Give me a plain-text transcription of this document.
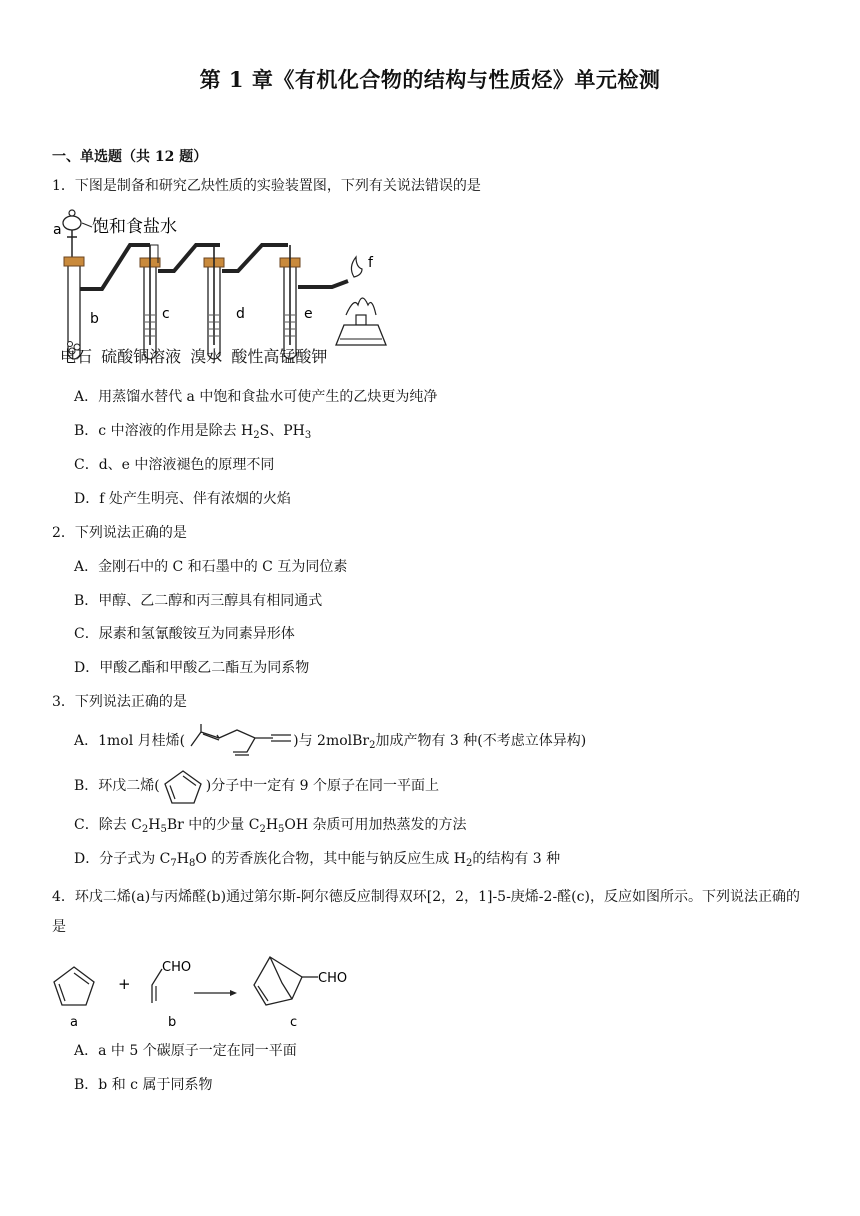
第 1 章《有机化合物的结构与性质烃》单元检测
一、单选题（共 12 题）
1．下图是制备和研究乙炔性质的实验装置图，下列有关说法错误的是
a 饱和食盐水
b	c	d	e
f
电石 硫酸铜溶液 溴水 酸性高锰酸钾
A．用蒸馏水替代 a 中饱和食盐水可使产生的乙炔更为纯净
B．c 中溶液的作用是除去 $H_2S$、$PH_3$
C．d、e 中溶液褪色的原理不同
D．f 处产生明亮、伴有浓烟的火焰
2．下列说法正确的是
A．金刚石中的 C 和石墨中的 C 互为同位素
B．甲醇、乙二醇和丙三醇具有相同通式
C．尿素和氢氰酸铵互为同素异形体
D．甲酸乙酯和甲酸乙二酯互为同系物
3．下列说法正确的是
A．1mol 月桂烯(	)与 2molBr$_2$加成产物有 3 种(不考虑立体异构)
B．环戊二烯(	)分子中一定有 9 个原子在同一平面上
C．除去 $C_2H_5Br$ 中的少量 $C_2H_5OH$ 杂质可用加热蒸发的方法
D．分子式为 $C_7H_8O$ 的芳香族化合物，其中能与钠反应生成 $H_2$的结构有 3 种
4．环戊二烯(a)与丙烯醛(b)通过第尔斯-阿尔德反应制得双环[2，2，1]-5-庚烯-2-醛(c)，反应如图所示。下列说法正确的是
a
+
CHO
b
CHO
c
A．a 中 5 个碳原子一定在同一平面
B．b 和 c 属于同系物
